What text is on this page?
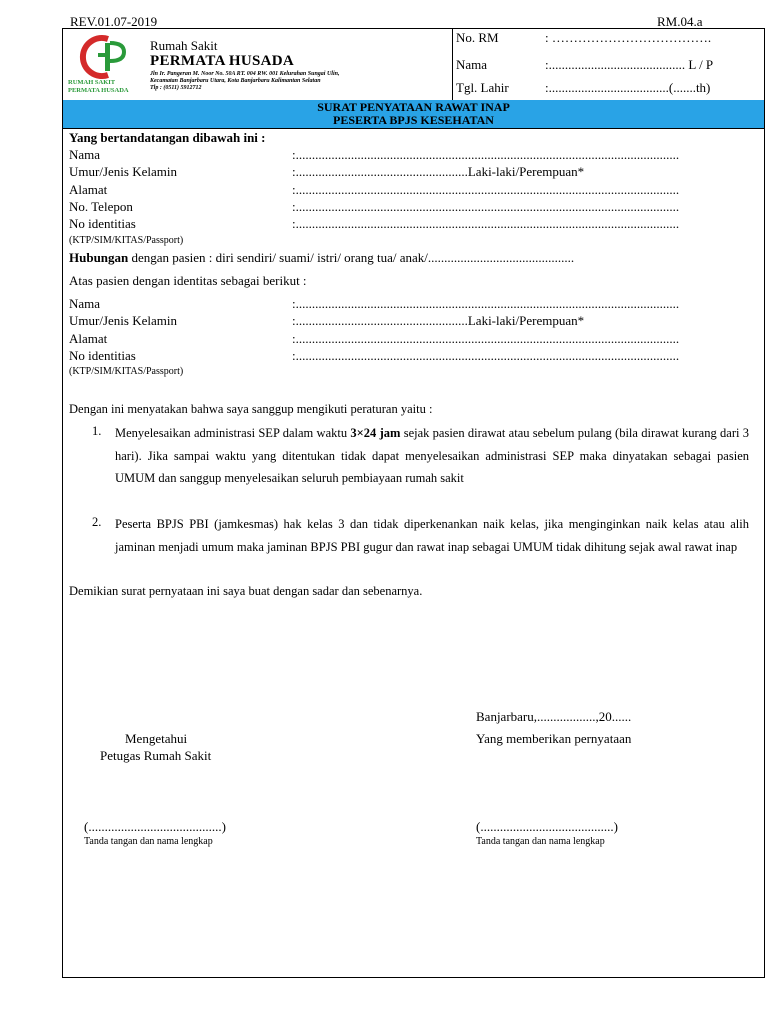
REV.01.07-2019	RM.04.a
RUMAH SAKIT
PERMATA HUSADA
Rumah Sakit
PERMATA HUSADA
Jln Ir. Pangeran M. Noor No. 50A RT. 004 RW. 001 Kelurahan Sungai Ulin,
Kecamatan Banjarbaru Utara, Kota Banjarbaru Kalimantan Selatan
Tlp : (0511) 5912712
No. RM	: ……………………………….
Nama	:.......................................... L / P
Tgl. Lahir	:.....................................(.......th)
SURAT PENYATAAN RAWAT INAP
PESERTA BPJS KESEHATAN
Yang bertandatangan dibawah ini :
Nama	:......................................................................................................................
Umur/Jenis Kelamin	:.....................................................Laki-laki/Perempuan*
Alamat	:......................................................................................................................
No. Telepon	:......................................................................................................................
No identitias	:......................................................................................................................
(KTP/SIM/KITAS/Passport)
Hubungan dengan pasien : diri sendiri/ suami/ istri/ orang tua/ anak/.............................................
Atas pasien dengan identitas sebagai berikut :
Nama	:......................................................................................................................
Umur/Jenis Kelamin	:.....................................................Laki-laki/Perempuan*
Alamat	:......................................................................................................................
No identitias	:......................................................................................................................
(KTP/SIM/KITAS/Passport)
Dengan ini menyatakan bahwa saya sanggup mengikuti peraturan yaitu :
1. Menyelesaikan administrasi SEP dalam waktu 3×24 jam sejak pasien dirawat atau sebelum pulang (bila dirawat kurang dari 3 hari). Jika sampai waktu yang ditentukan tidak dapat menyelesaikan administrasi SEP maka dinyatakan sebagai pasien UMUM dan sanggup menyelesaikan seluruh pembiayaan rumah sakit
2. Peserta BPJS PBI (jamkesmas) hak kelas 3 dan tidak diperkenankan naik kelas, jika menginginkan naik kelas atau alih jaminan menjadi umum maka jaminan BPJS PBI gugur dan rawat inap sebagai UMUM tidak dihitung sejak awal rawat inap
Demikian surat pernyataan ini saya buat dengan sadar dan sebenarnya.
Banjarbaru,..................,20......
Yang memberikan pernyataan
Mengetahui
Petugas Rumah Sakit
(.........................................)
Tanda tangan dan nama lengkap
(.........................................)
Tanda tangan dan nama lengkap
